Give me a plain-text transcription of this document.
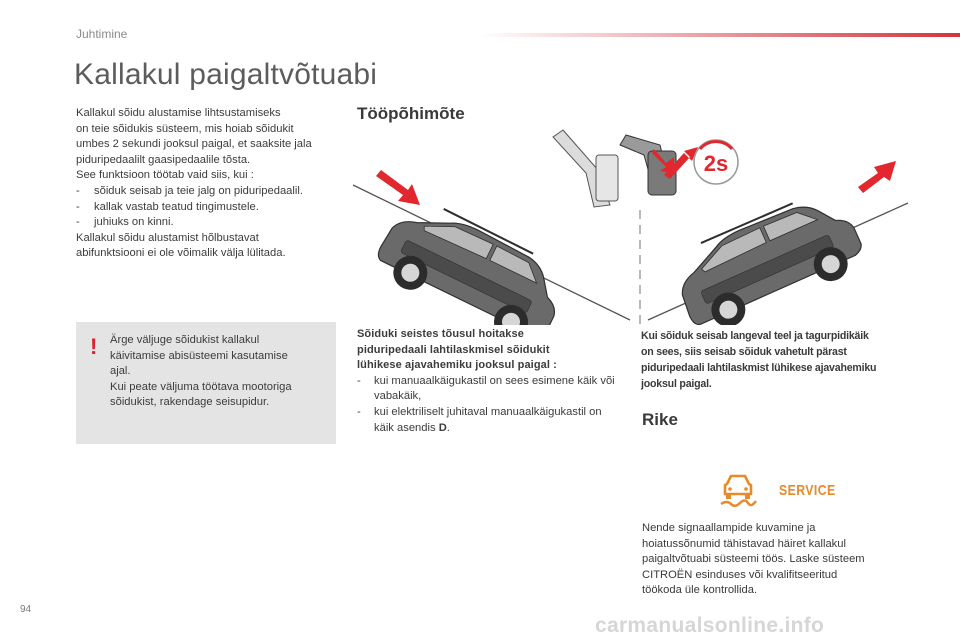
Juhtimine
Kallakul paigaltvõtuabi
Kallakul sõidu alustamise lihtsustamiseks
on teie sõidukis süsteem, mis hoiab sõidukit
umbes 2 sekundi jooksul paigal, et saaksite jala
piduripedaalilt gaasipedaalile tõsta.
See funktsioon töötab vaid siis, kui :
- sõiduk seisab ja teie jalg on piduripedaalil.
- kallak vastab teatud tingimustele.
- juhiuks on kinni.
Kallakul sõidu alustamist hõlbustavat
abifunktsiooni ei ole võimalik välja lülitada.
! Ärge väljuge sõidukist kallakul
käivitamise abisüsteemi kasutamise
ajal.
Kui peate väljuma töötava mootoriga
sõidukist, rakendage seisupidur.
Tööpõhimõte
2s
Sõiduki seistes tõusul hoitakse
piduripedaali lahtilaskmisel sõidukit
lühikese ajavahemiku jooksul paigal :
-	kui manuaalkäigukastil on sees esimene käik või vabakäik,
-	kui elektriliselt juhitaval manuaalkäigukastil on käik asendis D.
Kui sõiduk seisab langeval teel ja tagurpidikäik
on sees, siis seisab sõiduk vahetult pärast
piduripedaali lahtilaskmist lühikese ajavahemiku
jooksul paigal.
Rike
SERVICE
Nende signaallampide kuvamine ja
hoiatussõnumid tähistavad häiret kallakul
paigaltvõtuabi süsteemi töös. Laske süsteem
CITROËN esinduses või kvalifitseeritud
töökoda üle kontrollida.
94
carmanualsonline.info
